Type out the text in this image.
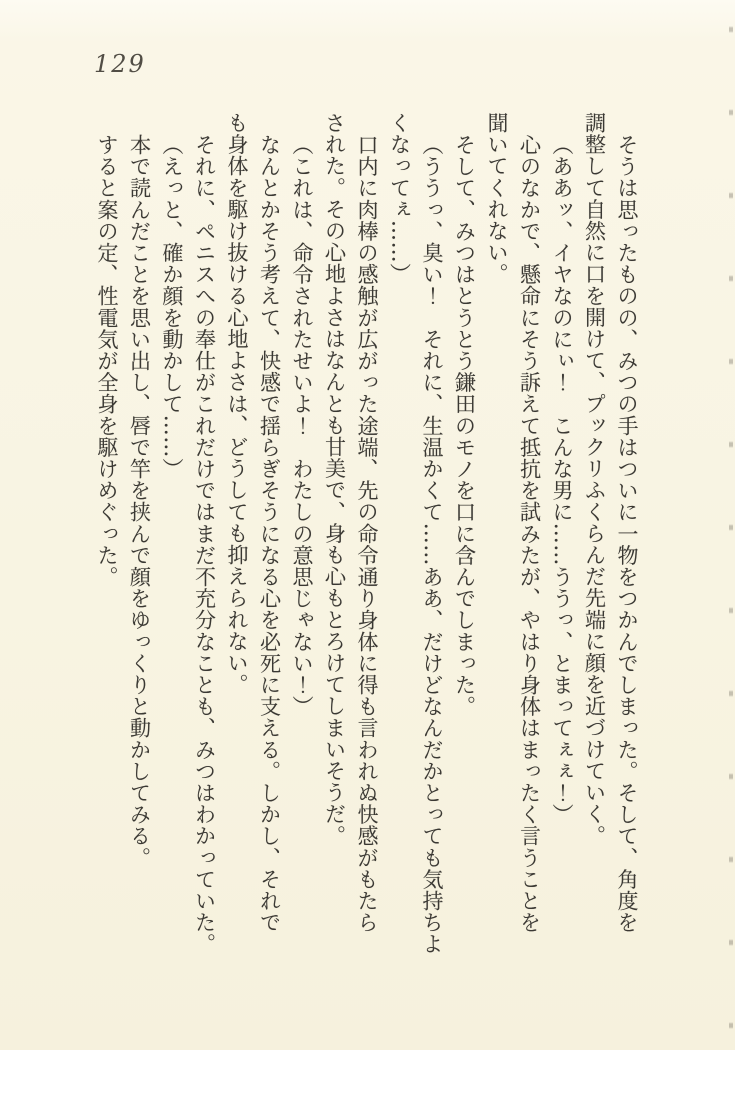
129
そうは思ったものの、みつの手はついに一物をつかんでしまった。そして、角度を
調整して自然に口を開けて、プックリふくらんだ先端に顔を近づけていく。
（ああッ、イヤなのにぃ！　こんな男に……ううっ、とまってぇぇ！）
心のなかで、懸命にそう訴えて抵抗を試みたが、やはり身体はまったく言うことを
聞いてくれない。
そして、みつはとうとう鎌田のモノを口に含んでしまった。
（ううっ、臭い！　それに、生温かくて……ああ、だけどなんだかとっても気持ちよ
くなってぇ……）
口内に肉棒の感触が広がった途端、先の命令通り身体に得も言われぬ快感がもたら
された。その心地よさはなんとも甘美で、身も心もとろけてしまいそうだ。
（これは、命令されたせいよ！　わたしの意思じゃない！）
なんとかそう考えて、快感で揺らぎそうになる心を必死に支える。しかし、それで
も身体を駆け抜ける心地よさは、どうしても抑えられない。
それに、ペニスへの奉仕がこれだけではまだ不充分なことも、みつはわかっていた。
（えっと、確か顔を動かして……）
本で読んだことを思い出し、唇で竿を挟んで顔をゆっくりと動かしてみる。
すると案の定、性電気が全身を駆けめぐった。
